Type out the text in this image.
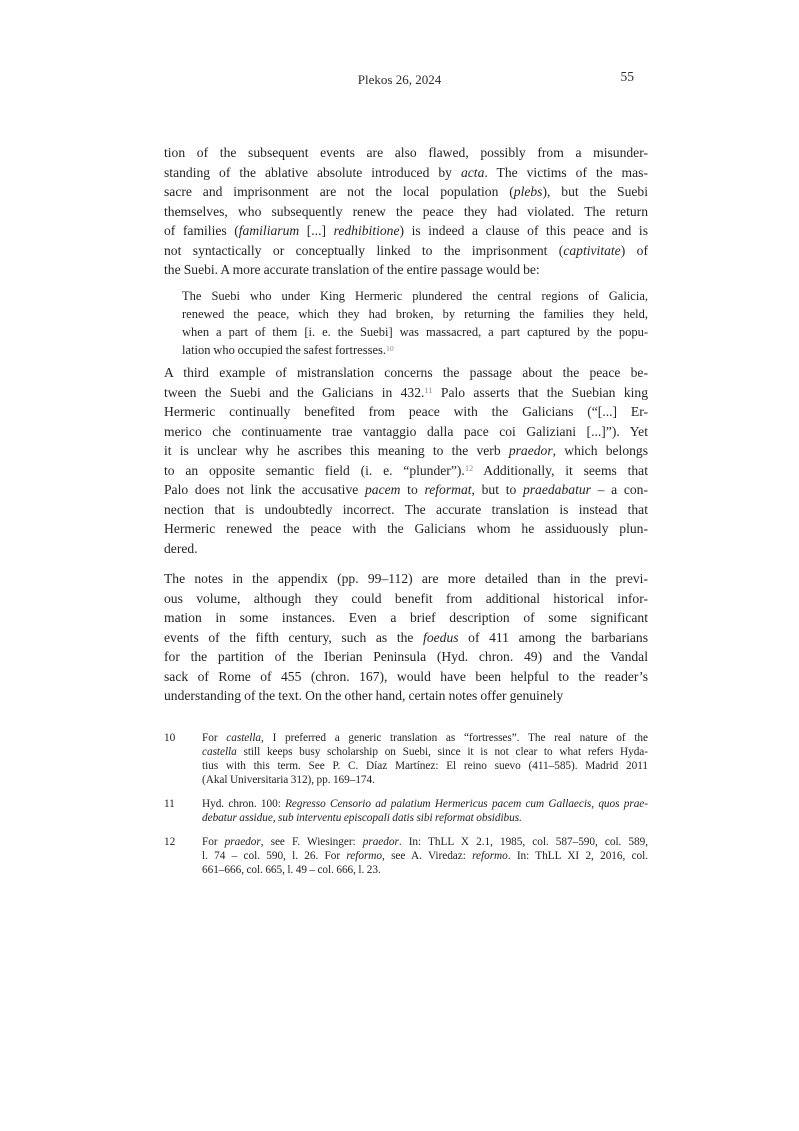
Plekos 26, 2024	55
tion of the subsequent events are also flawed, possibly from a misunder-
standing of the ablative absolute introduced by acta. The victims of the mas-
sacre and imprisonment are not the local population (plebs), but the Suebi
themselves, who subsequently renew the peace they had violated. The return
of families (familiarum [...] redhibitione) is indeed a clause of this peace and is
not syntactically or conceptually linked to the imprisonment (captivitate) of
the Suebi. A more accurate translation of the entire passage would be:
The Suebi who under King Hermeric plundered the central regions of Galicia,
renewed the peace, which they had broken, by returning the families they held,
when a part of them [i. e. the Suebi] was massacred, a part captured by the popu-
lation who occupied the safest fortresses.$^{10}$
A third example of mistranslation concerns the passage about the peace be-
tween the Suebi and the Galicians in 432.11 Palo asserts that the Suebian king
Hermeric continually benefited from peace with the Galicians (“[...] Er-
merico che continuamente trae vantaggio dalla pace coi Galiziani [...]”). Yet
it is unclear why he ascribes this meaning to the verb praedor, which belongs
to an opposite semantic field (i. e. “plunder”).$^{12}$ Additionally, it seems that
Palo does not link the accusative pacem to reformat, but to praedabatur – a con-
nection that is undoubtedly incorrect. The accurate translation is instead that
Hermeric renewed the peace with the Galicians whom he assiduously plun-
dered.
The notes in the appendix (pp. 99–112) are more detailed than in the previ-
ous volume, although they could benefit from additional historical infor-
mation in some instances. Even a brief description of some significant
events of the fifth century, such as the foedus of 411 among the barbarians
for the partition of the Iberian Peninsula (Hyd. chron. 49) and the Vandal
sack of Rome of 455 (chron. 167), would have been helpful to the reader’s
understanding of the text. On the other hand, certain notes offer genuinely
10	For castella, I preferred a generic translation as “fortresses”. The real nature of the
castella still keeps busy scholarship on Suebi, since it is not clear to what refers Hyda-
tius with this term. See P. C. Díaz Martínez: El reino suevo (411–585). Madrid 2011
(Akal Universitaria 312), pp. 169–174.
11	Hyd. chron. 100: Regresso Censorio ad palatium Hermericus pacem cum Gallaecis, quos prae-
debatur assidue, sub interventu episcopali datis sibi reformat obsidibus.
12	For praedor, see F. Wiesinger: praedor. In: ThLL X 2.1, 1985, col. 587–590, col. 589,
l. 74 – col. 590, l. 26. For reformo, see A. Viredaz: reformo. In: ThLL XI 2, 2016, col.
661–666, col. 665, l. 49 – col. 666, l. 23.
